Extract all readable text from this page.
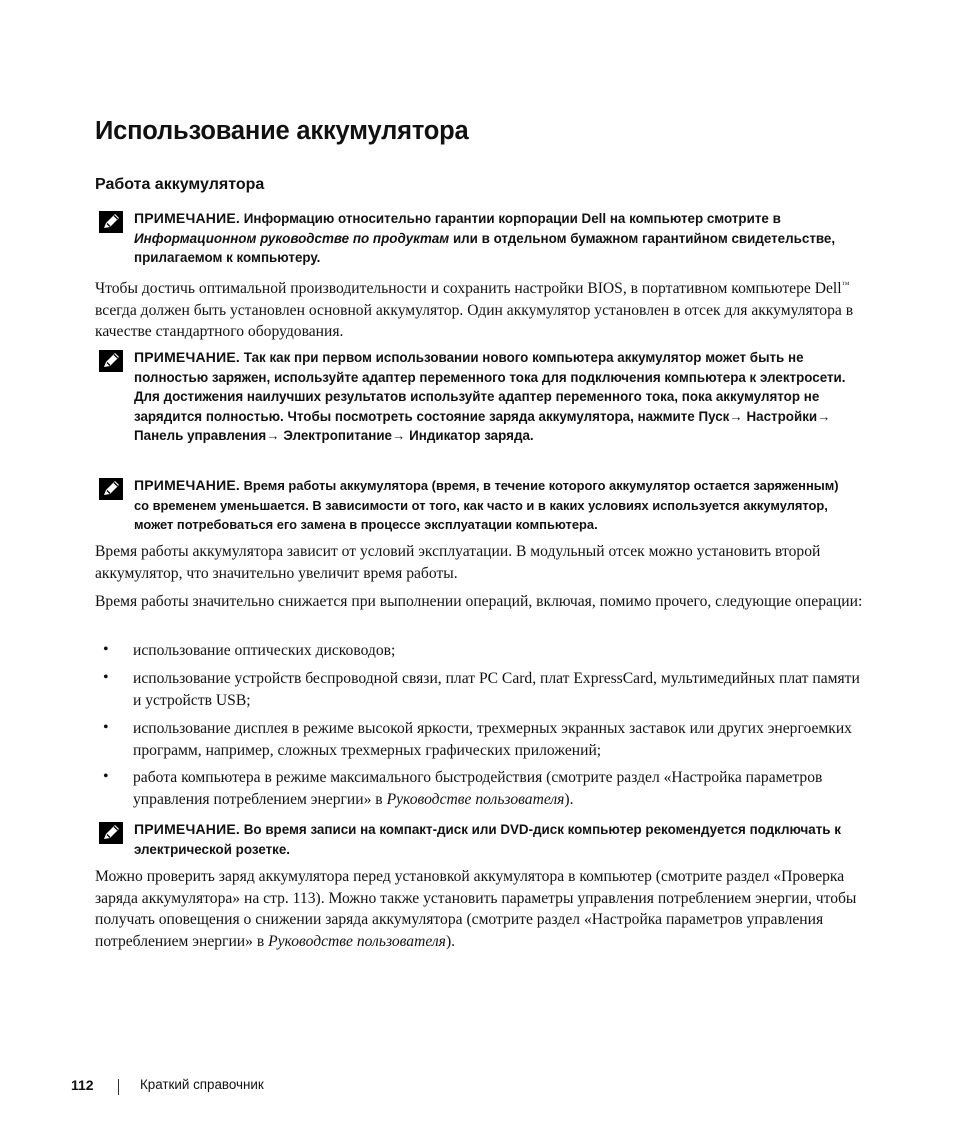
Использование аккумулятора
Работа аккумулятора
ПРИМЕЧАНИЕ. Информацию относительно гарантии корпорации Dell на компьютер смотрите в Информационном руководстве по продуктам или в отдельном бумажном гарантийном свидетельстве, прилагаемом к компьютеру.

Чтобы достичь оптимальной производительности и сохранить настройки BIOS, в портативном компьютере Dell™ всегда должен быть установлен основной аккумулятор. Один аккумулятор установлен в отсек для аккумулятора в качестве стандартного оборудования.

ПРИМЕЧАНИЕ. Так как при первом использовании нового компьютера аккумулятор может быть не полностью заряжен, используйте адаптер переменного тока для подключения компьютера к электросети. Для достижения наилучших результатов используйте адаптер переменного тока, пока аккумулятор не зарядится полностью. Чтобы посмотреть состояние заряда аккумулятора, нажмите Пуск→ Настройки→ Панель управления→ Электропитание→ Индикатор заряда.
ПРИМЕЧАНИЕ. Время работы аккумулятора (время, в течение которого аккумулятор остается заряженным) со временем уменьшается. В зависимости от того, как часто и в каких условиях используется аккумулятор, может потребоваться его замена в процессе эксплуатации компьютера.

Время работы аккумулятора зависит от условий эксплуатации. В модульный отсек можно установить второй аккумулятор, что значительно увеличит время работы.

Время работы значительно снижается при выполнении операций, включая, помимо прочего, следующие операции:

• использование оптических дисководов;
• использование устройств беспроводной связи, плат PC Card, плат ExpressCard, мультимедийных плат памяти и устройств USB;
• использование дисплея в режиме высокой яркости, трехмерных экранных заставок или других энергоемких программ, например, сложных трехмерных графических приложений;
• работа компьютера в режиме максимального быстродействия (смотрите раздел «Настройка параметров управления потреблением энергии» в Руководстве пользователя).
ПРИМЕЧАНИЕ. Во время записи на компакт-диск или DVD-диск компьютер рекомендуется подключать к электрической розетке.

Можно проверить заряд аккумулятора перед установкой аккумулятора в компьютер (смотрите раздел «Проверка заряда аккумулятора» на стр. 113). Можно также установить параметры управления потреблением энергии, чтобы получать оповещения о снижении заряда аккумулятора (смотрите раздел «Настройка параметров управления потреблением энергии» в Руководстве пользователя).

112	Краткий справочник
